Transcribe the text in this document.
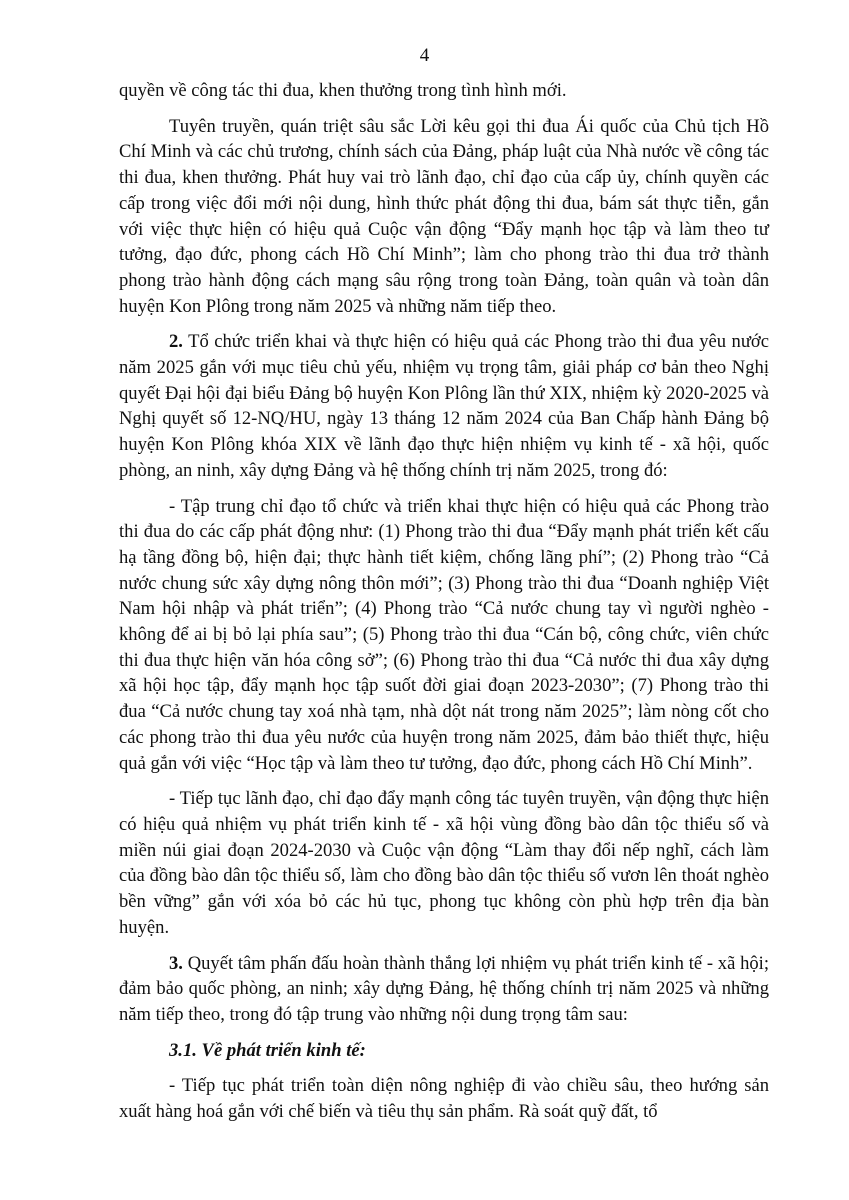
4

quyền về công tác thi đua, khen thưởng trong tình hình mới.

Tuyên truyền, quán triệt sâu sắc Lời kêu gọi thi đua Ái quốc của Chủ tịch Hồ Chí Minh và các chủ trương, chính sách của Đảng, pháp luật của Nhà nước về công tác thi đua, khen thưởng. Phát huy vai trò lãnh đạo, chỉ đạo của cấp ủy, chính quyền các cấp trong việc đổi mới nội dung, hình thức phát động thi đua, bám sát thực tiễn, gắn với việc thực hiện có hiệu quả Cuộc vận động “Đẩy mạnh học tập và làm theo tư tưởng, đạo đức, phong cách Hồ Chí Minh”; làm cho phong trào thi đua trở thành phong trào hành động cách mạng sâu rộng trong toàn Đảng, toàn quân và toàn dân huyện Kon Plông trong năm 2025 và những năm tiếp theo.

2. Tổ chức triển khai và thực hiện có hiệu quả các Phong trào thi đua yêu nước năm 2025 gắn với mục tiêu chủ yếu, nhiệm vụ trọng tâm, giải pháp cơ bản theo Nghị quyết Đại hội đại biểu Đảng bộ huyện Kon Plông lần thứ XIX, nhiệm kỳ 2020-2025 và Nghị quyết số 12-NQ/HU, ngày 13 tháng 12 năm 2024 của Ban Chấp hành Đảng bộ huyện Kon Plông khóa XIX về lãnh đạo thực hiện nhiệm vụ kinh tế - xã hội, quốc phòng, an ninh, xây dựng Đảng và hệ thống chính trị năm 2025, trong đó:

- Tập trung chỉ đạo tổ chức và triển khai thực hiện có hiệu quả các Phong trào thi đua do các cấp phát động như: (1) Phong trào thi đua “Đẩy mạnh phát triển kết cấu hạ tầng đồng bộ, hiện đại; thực hành tiết kiệm, chống lãng phí”; (2) Phong trào “Cả nước chung sức xây dựng nông thôn mới”; (3) Phong trào thi đua “Doanh nghiệp Việt Nam hội nhập và phát triển”; (4) Phong trào “Cả nước chung tay vì người nghèo - không để ai bị bỏ lại phía sau”; (5) Phong trào thi đua “Cán bộ, công chức, viên chức thi đua thực hiện văn hóa công sở”; (6) Phong trào thi đua “Cả nước thi đua xây dựng xã hội học tập, đẩy mạnh học tập suốt đời giai đoạn 2023-2030”; (7) Phong trào thi đua “Cả nước chung tay xoá nhà tạm, nhà dột nát trong năm 2025”; làm nòng cốt cho các phong trào thi đua yêu nước của huyện trong năm 2025, đảm bảo thiết thực, hiệu quả gắn với việc “Học tập và làm theo tư tưởng, đạo đức, phong cách Hồ Chí Minh”.

- Tiếp tục lãnh đạo, chỉ đạo đẩy mạnh công tác tuyên truyền, vận động thực hiện có hiệu quả nhiệm vụ phát triển kinh tế - xã hội vùng đồng bào dân tộc thiểu số và miền núi giai đoạn 2024-2030 và Cuộc vận động “Làm thay đổi nếp nghĩ, cách làm của đồng bào dân tộc thiểu số, làm cho đồng bào dân tộc thiểu số vươn lên thoát nghèo bền vững” gắn với xóa bỏ các hủ tục, phong tục không còn phù hợp trên địa bàn huyện.

3. Quyết tâm phấn đấu hoàn thành thắng lợi nhiệm vụ phát triển kinh tế - xã hội; đảm bảo quốc phòng, an ninh; xây dựng Đảng, hệ thống chính trị năm 2025 và những năm tiếp theo, trong đó tập trung vào những nội dung trọng tâm sau:

3.1. Về phát triển kinh tế:

- Tiếp tục phát triển toàn diện nông nghiệp đi vào chiều sâu, theo hướng sản xuất hàng hoá gắn với chế biến và tiêu thụ sản phẩm. Rà soát quỹ đất, tổ
